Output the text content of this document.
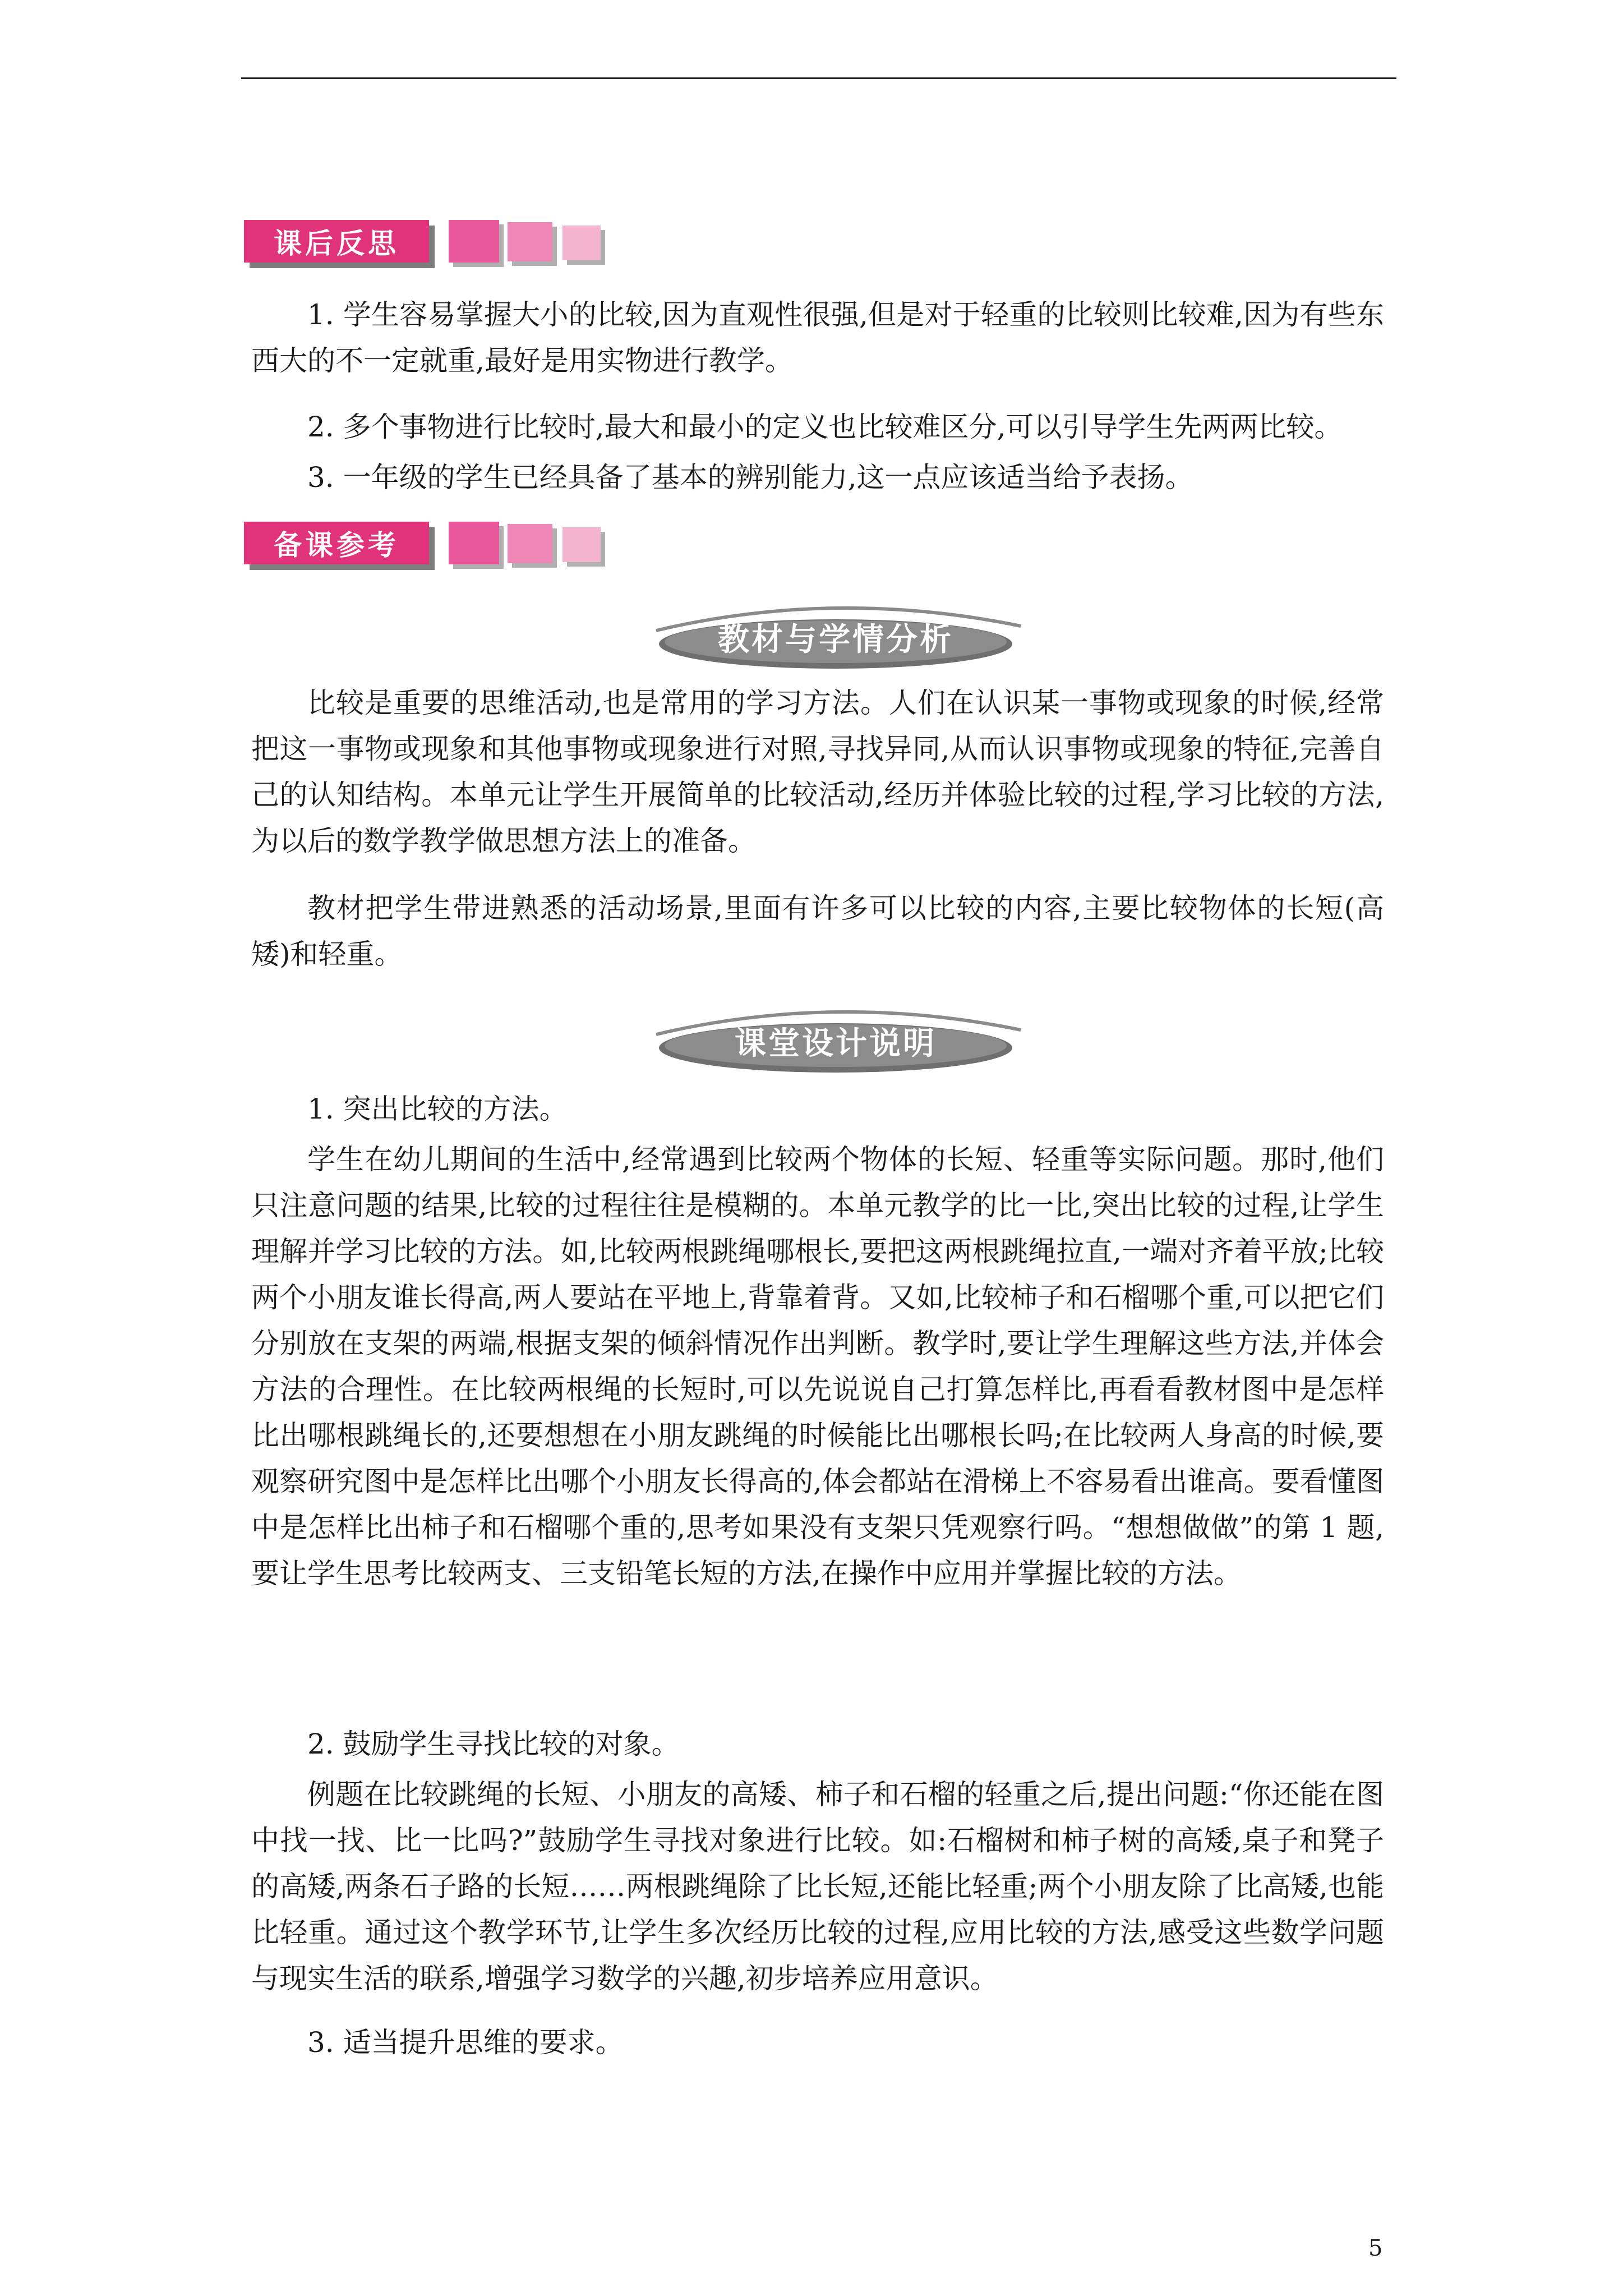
课后反思

1. 学生容易掌握大小的比较,因为直观性很强,但是对于轻重的比较则比较难,因为有些东西大的不一定就重,最好是用实物进行教学。

2. 多个事物进行比较时,最大和最小的定义也比较难区分,可以引导学生先两两比较。

3. 一年级的学生已经具备了基本的辨别能力,这一点应该适当给予表扬。

备课参考
教材与学情分析

比较是重要的思维活动,也是常用的学习方法。人们在认识某一事物或现象的时候,经常把这一事物或现象和其他事物或现象进行对照,寻找异同,从而认识事物或现象的特征,完善自己的认知结构。本单元让学生开展简单的比较活动,经历并体验比较的过程,学习比较的方法,为以后的数学教学做思想方法上的准备。

教材把学生带进熟悉的活动场景,里面有许多可以比较的内容,主要比较物体的长短(高矮)和轻重。

课堂设计说明

1. 突出比较的方法。

学生在幼儿期间的生活中,经常遇到比较两个物体的长短、轻重等实际问题。那时,他们只注意问题的结果,比较的过程往往是模糊的。本单元教学的比一比,突出比较的过程,让学生理解并学习比较的方法。如,比较两根跳绳哪根长,要把这两根跳绳拉直,一端对齐着平放;比较两个小朋友谁长得高,两人要站在平地上,背靠着背。又如,比较柿子和石榴哪个重,可以把它们分别放在支架的两端,根据支架的倾斜情况作出判断。教学时,要让学生理解这些方法,并体会方法的合理性。在比较两根绳的长短时,可以先说说自己打算怎样比,再看看教材图中是怎样比出哪根跳绳长的,还要想想在小朋友跳绳的时候能比出哪根长吗;在比较两人身高的时候,要观察研究图中是怎样比出哪个小朋友长得高的,体会都站在滑梯上不容易看出谁高。要看懂图中是怎样比出柿子和石榴哪个重的,思考如果没有支架只凭观察行吗。“想想做做”的第 1 题,要让学生思考比较两支、三支铅笔长短的方法,在操作中应用并掌握比较的方法。

2. 鼓励学生寻找比较的对象。

例题在比较跳绳的长短、小朋友的高矮、柿子和石榴的轻重之后,提出问题:“你还能在图中找一找、比一比吗?”鼓励学生寻找对象进行比较。如:石榴树和柿子树的高矮,桌子和凳子的高矮,两条石子路的长短……两根跳绳除了比长短,还能比轻重;两个小朋友除了比高矮,也能比轻重。通过这个教学环节,让学生多次经历比较的过程,应用比较的方法,感受这些数学问题与现实生活的联系,增强学习数学的兴趣,初步培养应用意识。

3. 适当提升思维的要求。

5
